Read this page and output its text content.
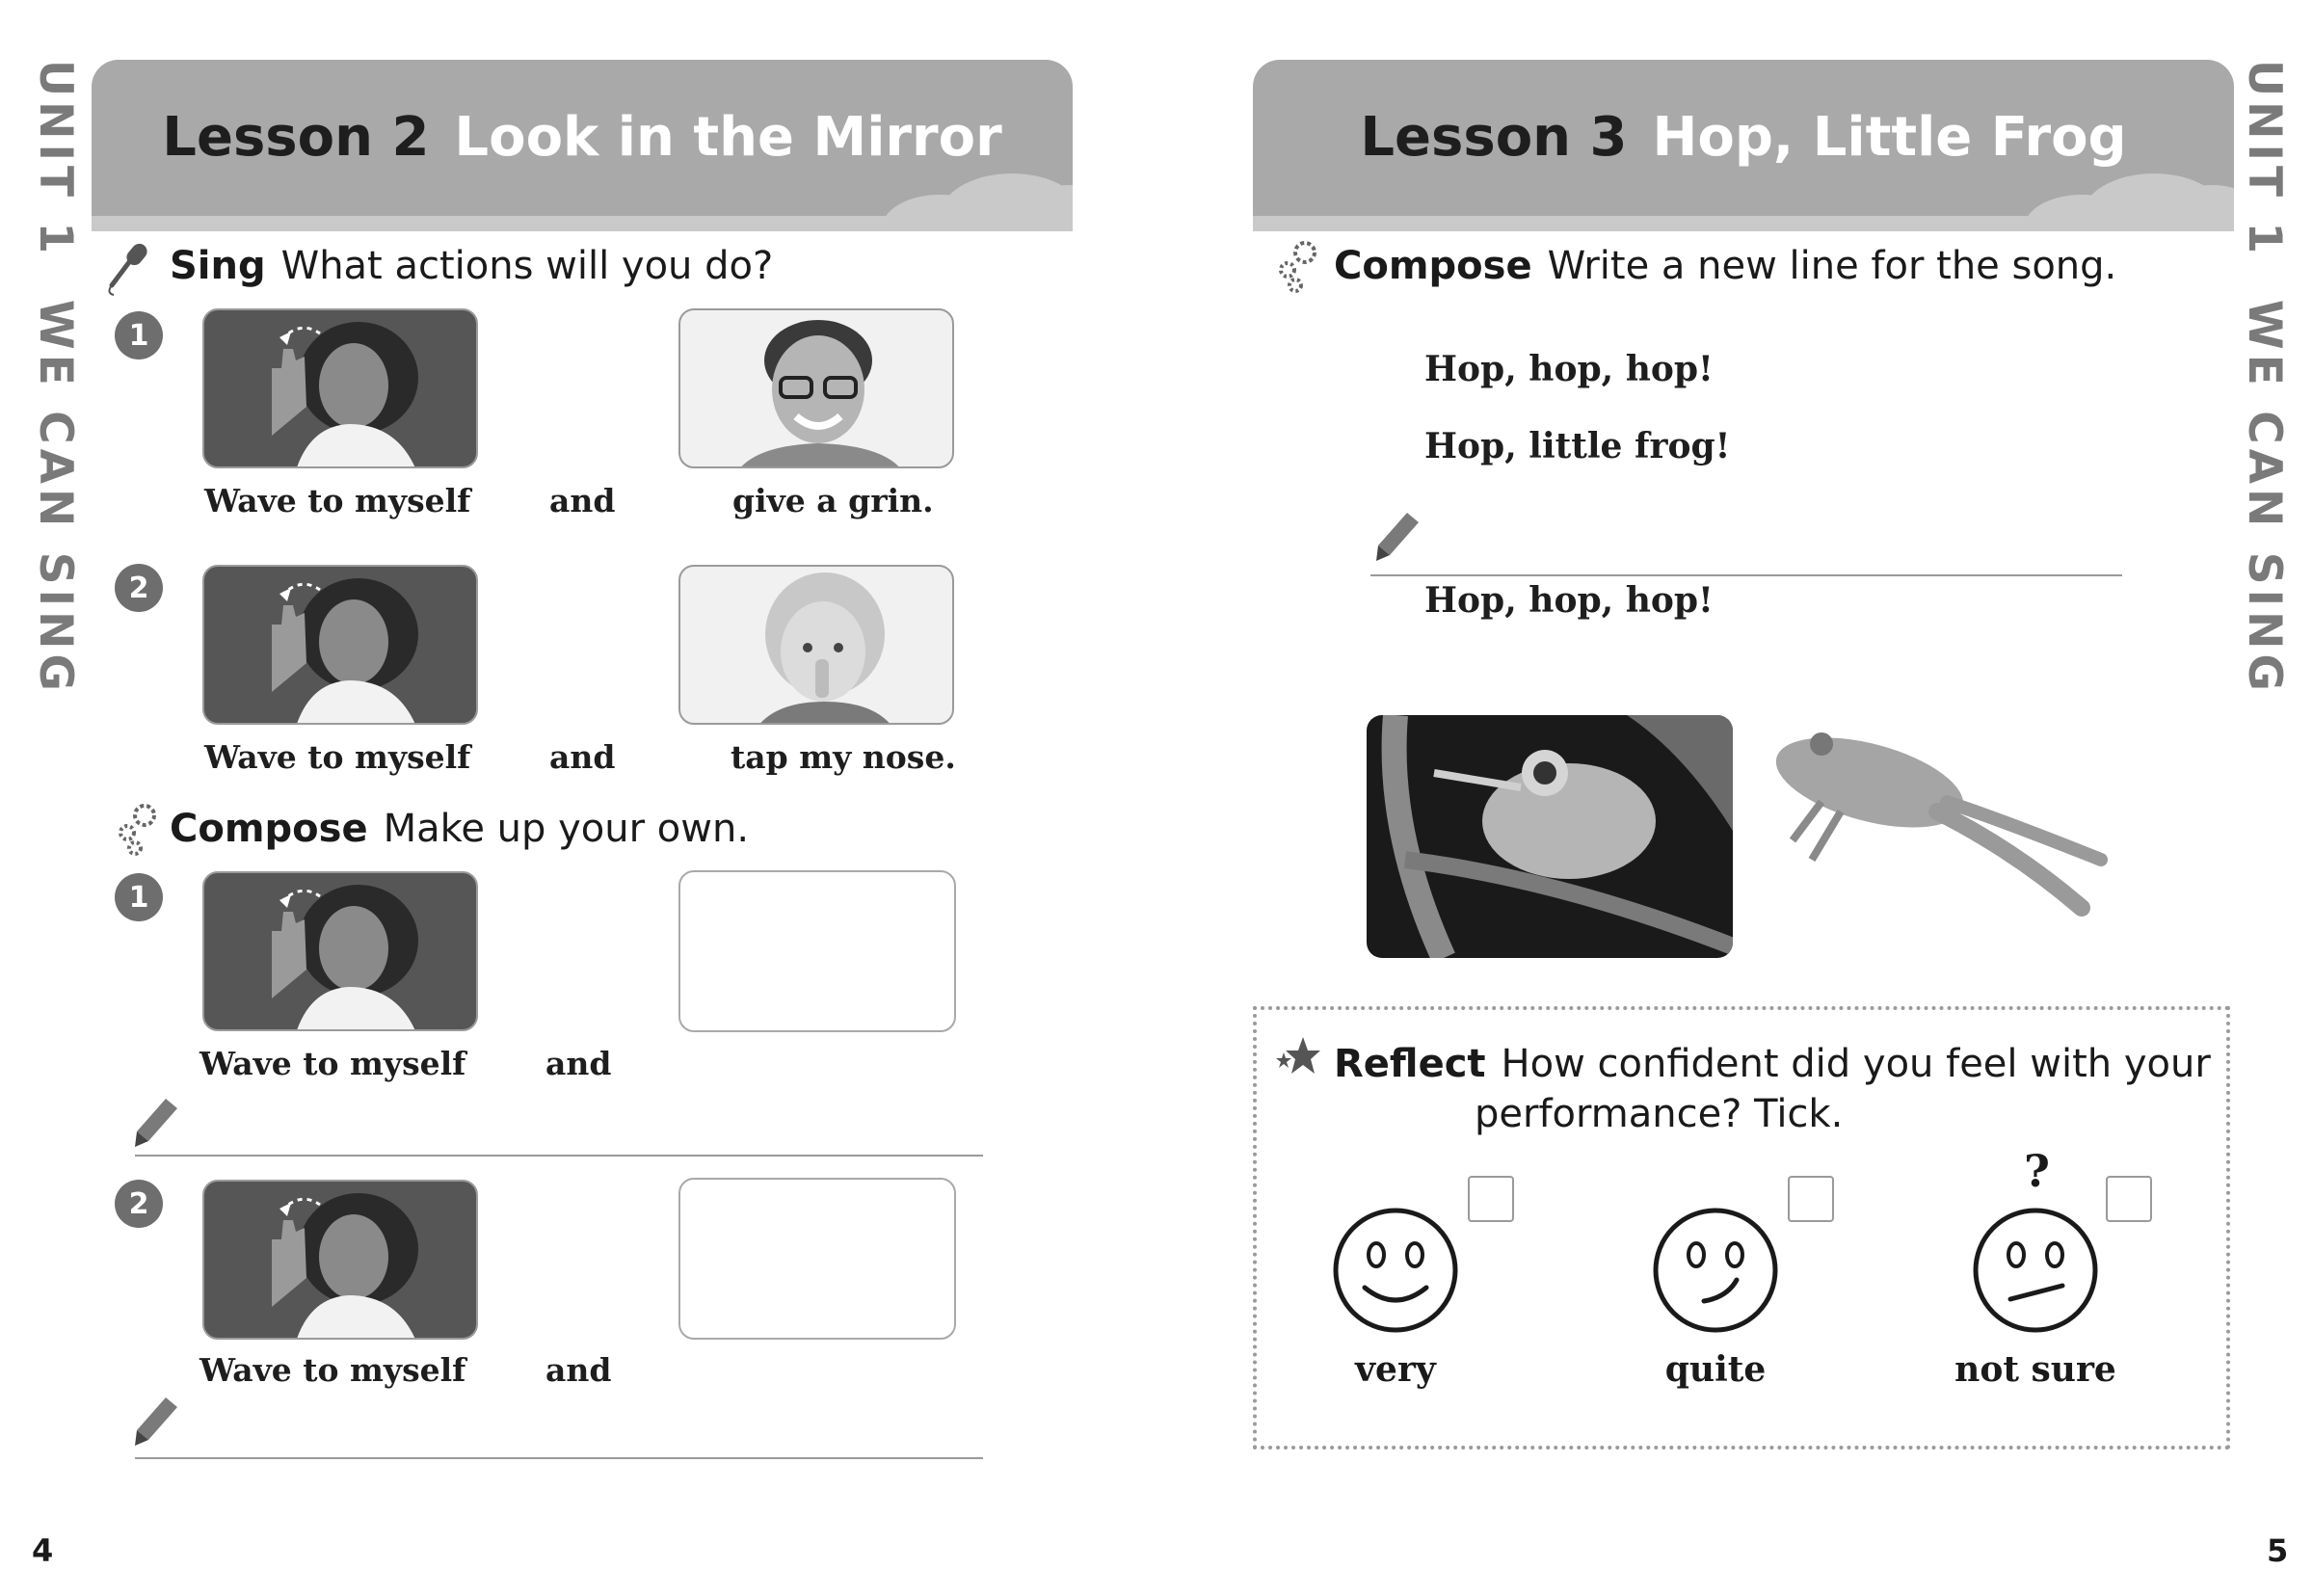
UNIT 1  WE CAN SING
Lesson 2 Look in the Mirror
Sing What actions will you do?
1
Wave to myself and	give a grin.
2
Wave to myself and	tap my nose.
Compose Make up your own.
1
Wave to myself	and
2
Wave to myself	and
4
Lesson 3 Hop, Little Frog UNIT 1  WE CAN SING
Compose Write a new line for the song.
Hop, hop, hop!
Hop, little frog!
Hop, hop, hop!
Reflect How confident did you feel with your
performance? Tick.
very	quite
?
not sure
5
